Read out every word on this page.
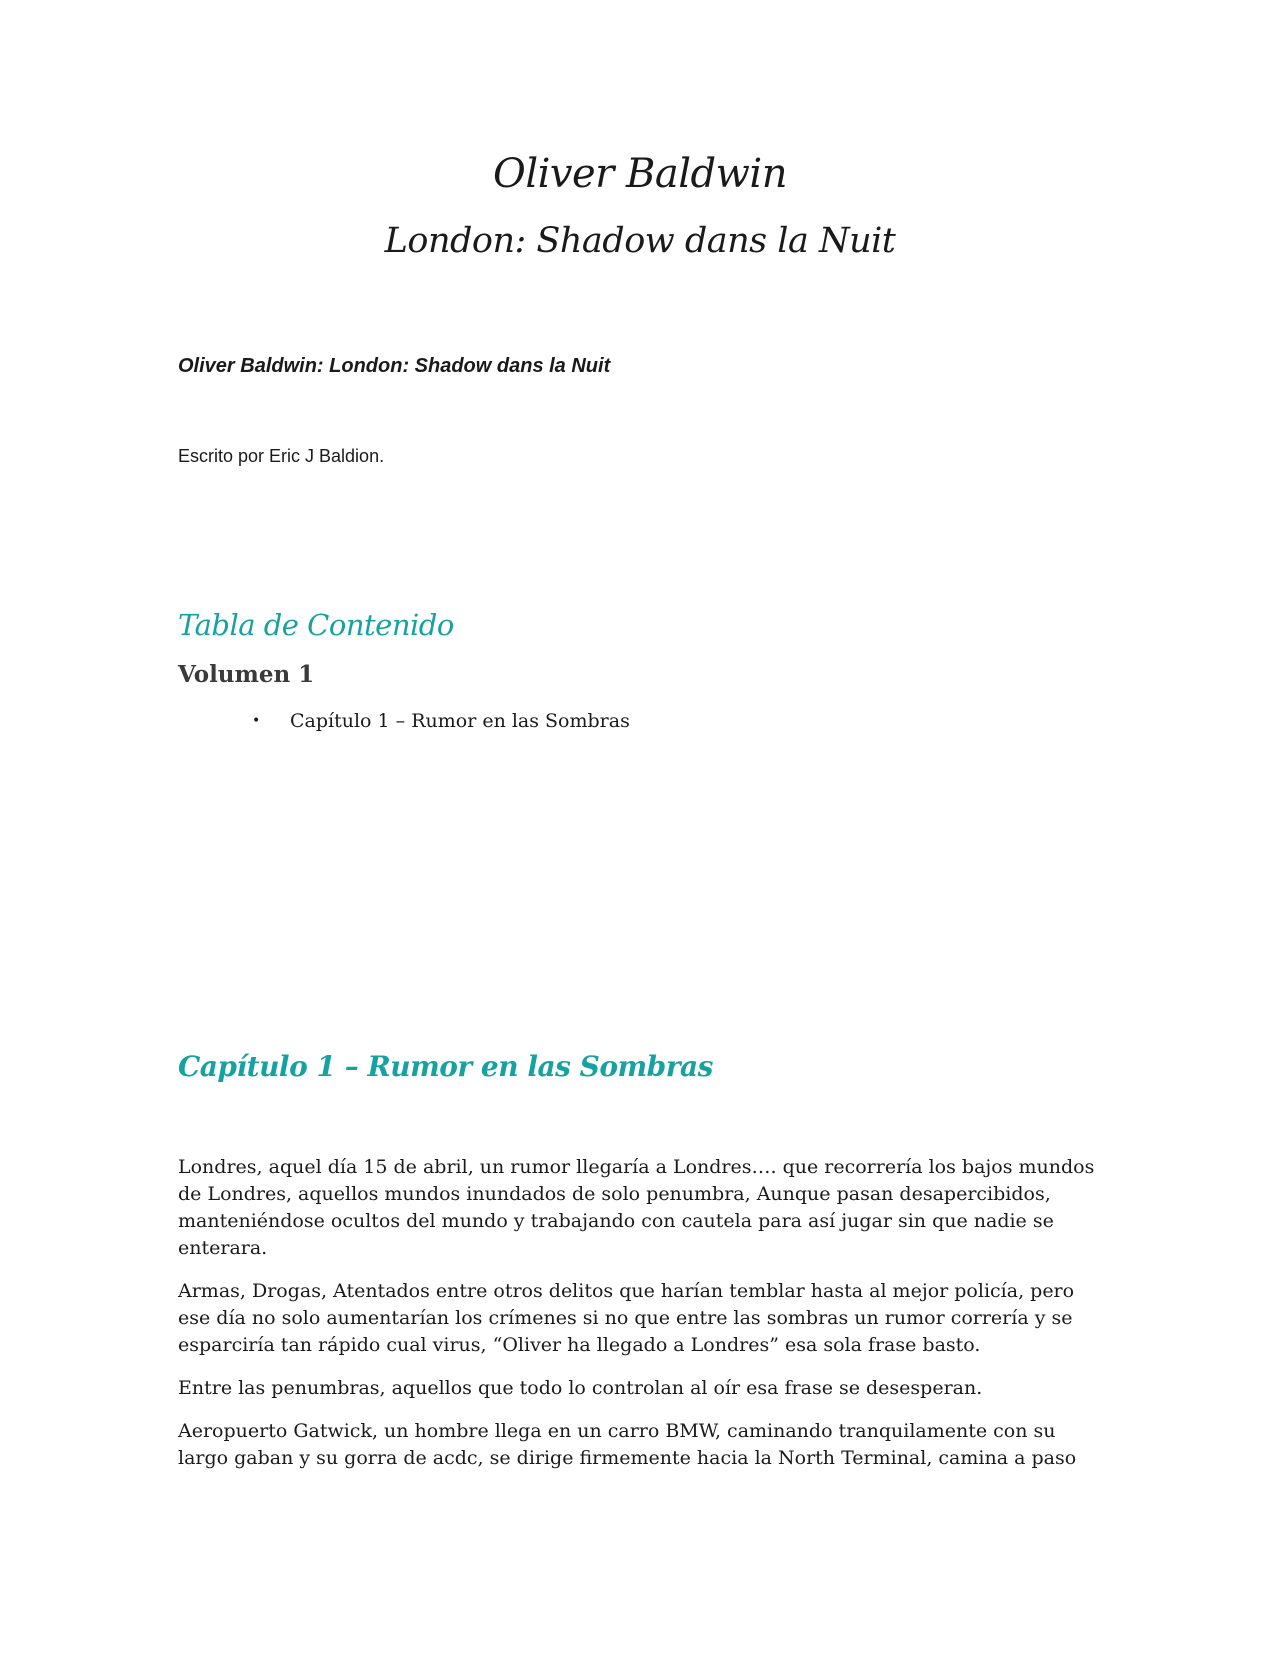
Oliver Baldwin
London: Shadow dans la Nuit

Oliver Baldwin: London: Shadow dans la Nuit

Escrito por Eric J Baldion.

Tabla de Contenido
Volumen 1
•	Capítulo 1 – Rumor en las Sombras
Capítulo 1 – Rumor en las Sombras

Londres, aquel día 15 de abril, un rumor llegaría a Londres…. que recorrería los bajos mundos de Londres, aquellos mundos inundados de solo penumbra, Aunque pasan desapercibidos, manteniéndose ocultos del mundo y trabajando con cautela para así jugar sin que nadie se enterara.

Armas, Drogas, Atentados entre otros delitos que harían temblar hasta al mejor policía, pero ese día no solo aumentarían los crímenes si no que entre las sombras un rumor correría y se esparciría tan rápido cual virus, “Oliver ha llegado a Londres” esa sola frase basto.

Entre las penumbras, aquellos que todo lo controlan al oír esa frase se desesperan.

Aeropuerto Gatwick, un hombre llega en un carro BMW, caminando tranquilamente con su largo gaban y su gorra de acdc, se dirige firmemente hacia la North Terminal, camina a paso
